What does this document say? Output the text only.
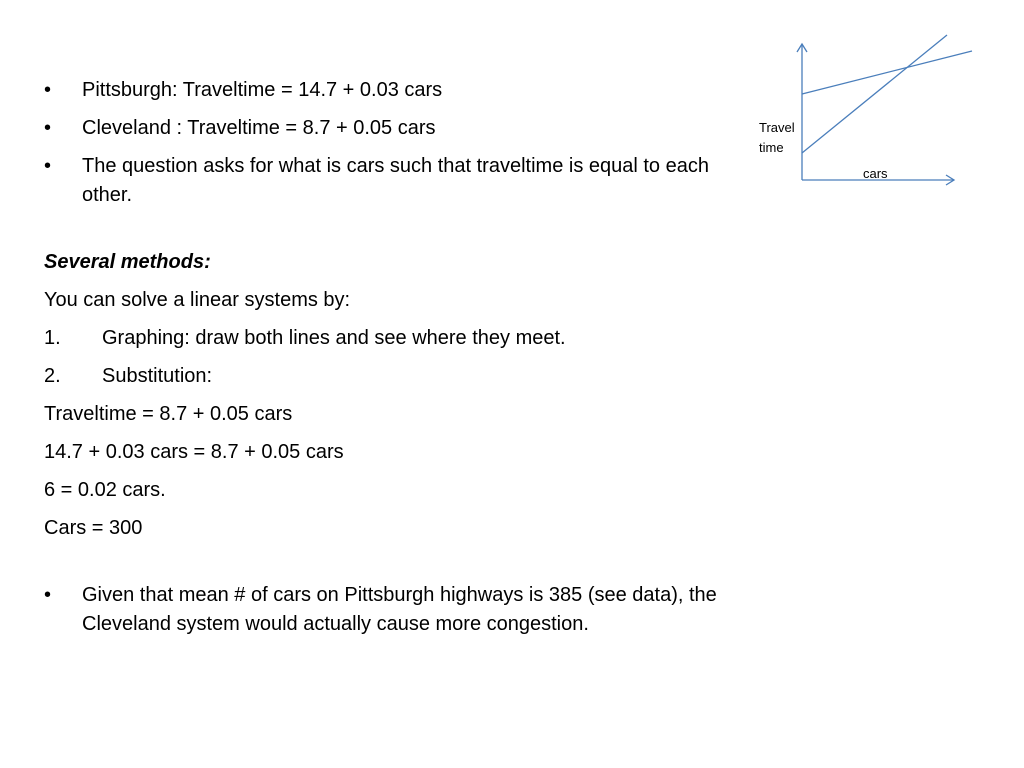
• Pittsburgh: Traveltime = 14.7 + 0.03 cars
• Cleveland : Traveltime = 8.7 + 0.05 cars
• The question asks for what is cars such that traveltime is equal to each other.
Several methods:
You can solve a linear systems by:
1. Graphing: draw both lines and see where they meet.
2. Substitution:
Traveltime = 8.7 + 0.05 cars
14.7 + 0.03 cars = 8.7 + 0.05 cars
6 = 0.02 cars.
Cars = 300
• Given that mean # of cars on Pittsburgh highways is 385 (see data), the Cleveland system would actually cause more congestion.
Travel
time
cars
